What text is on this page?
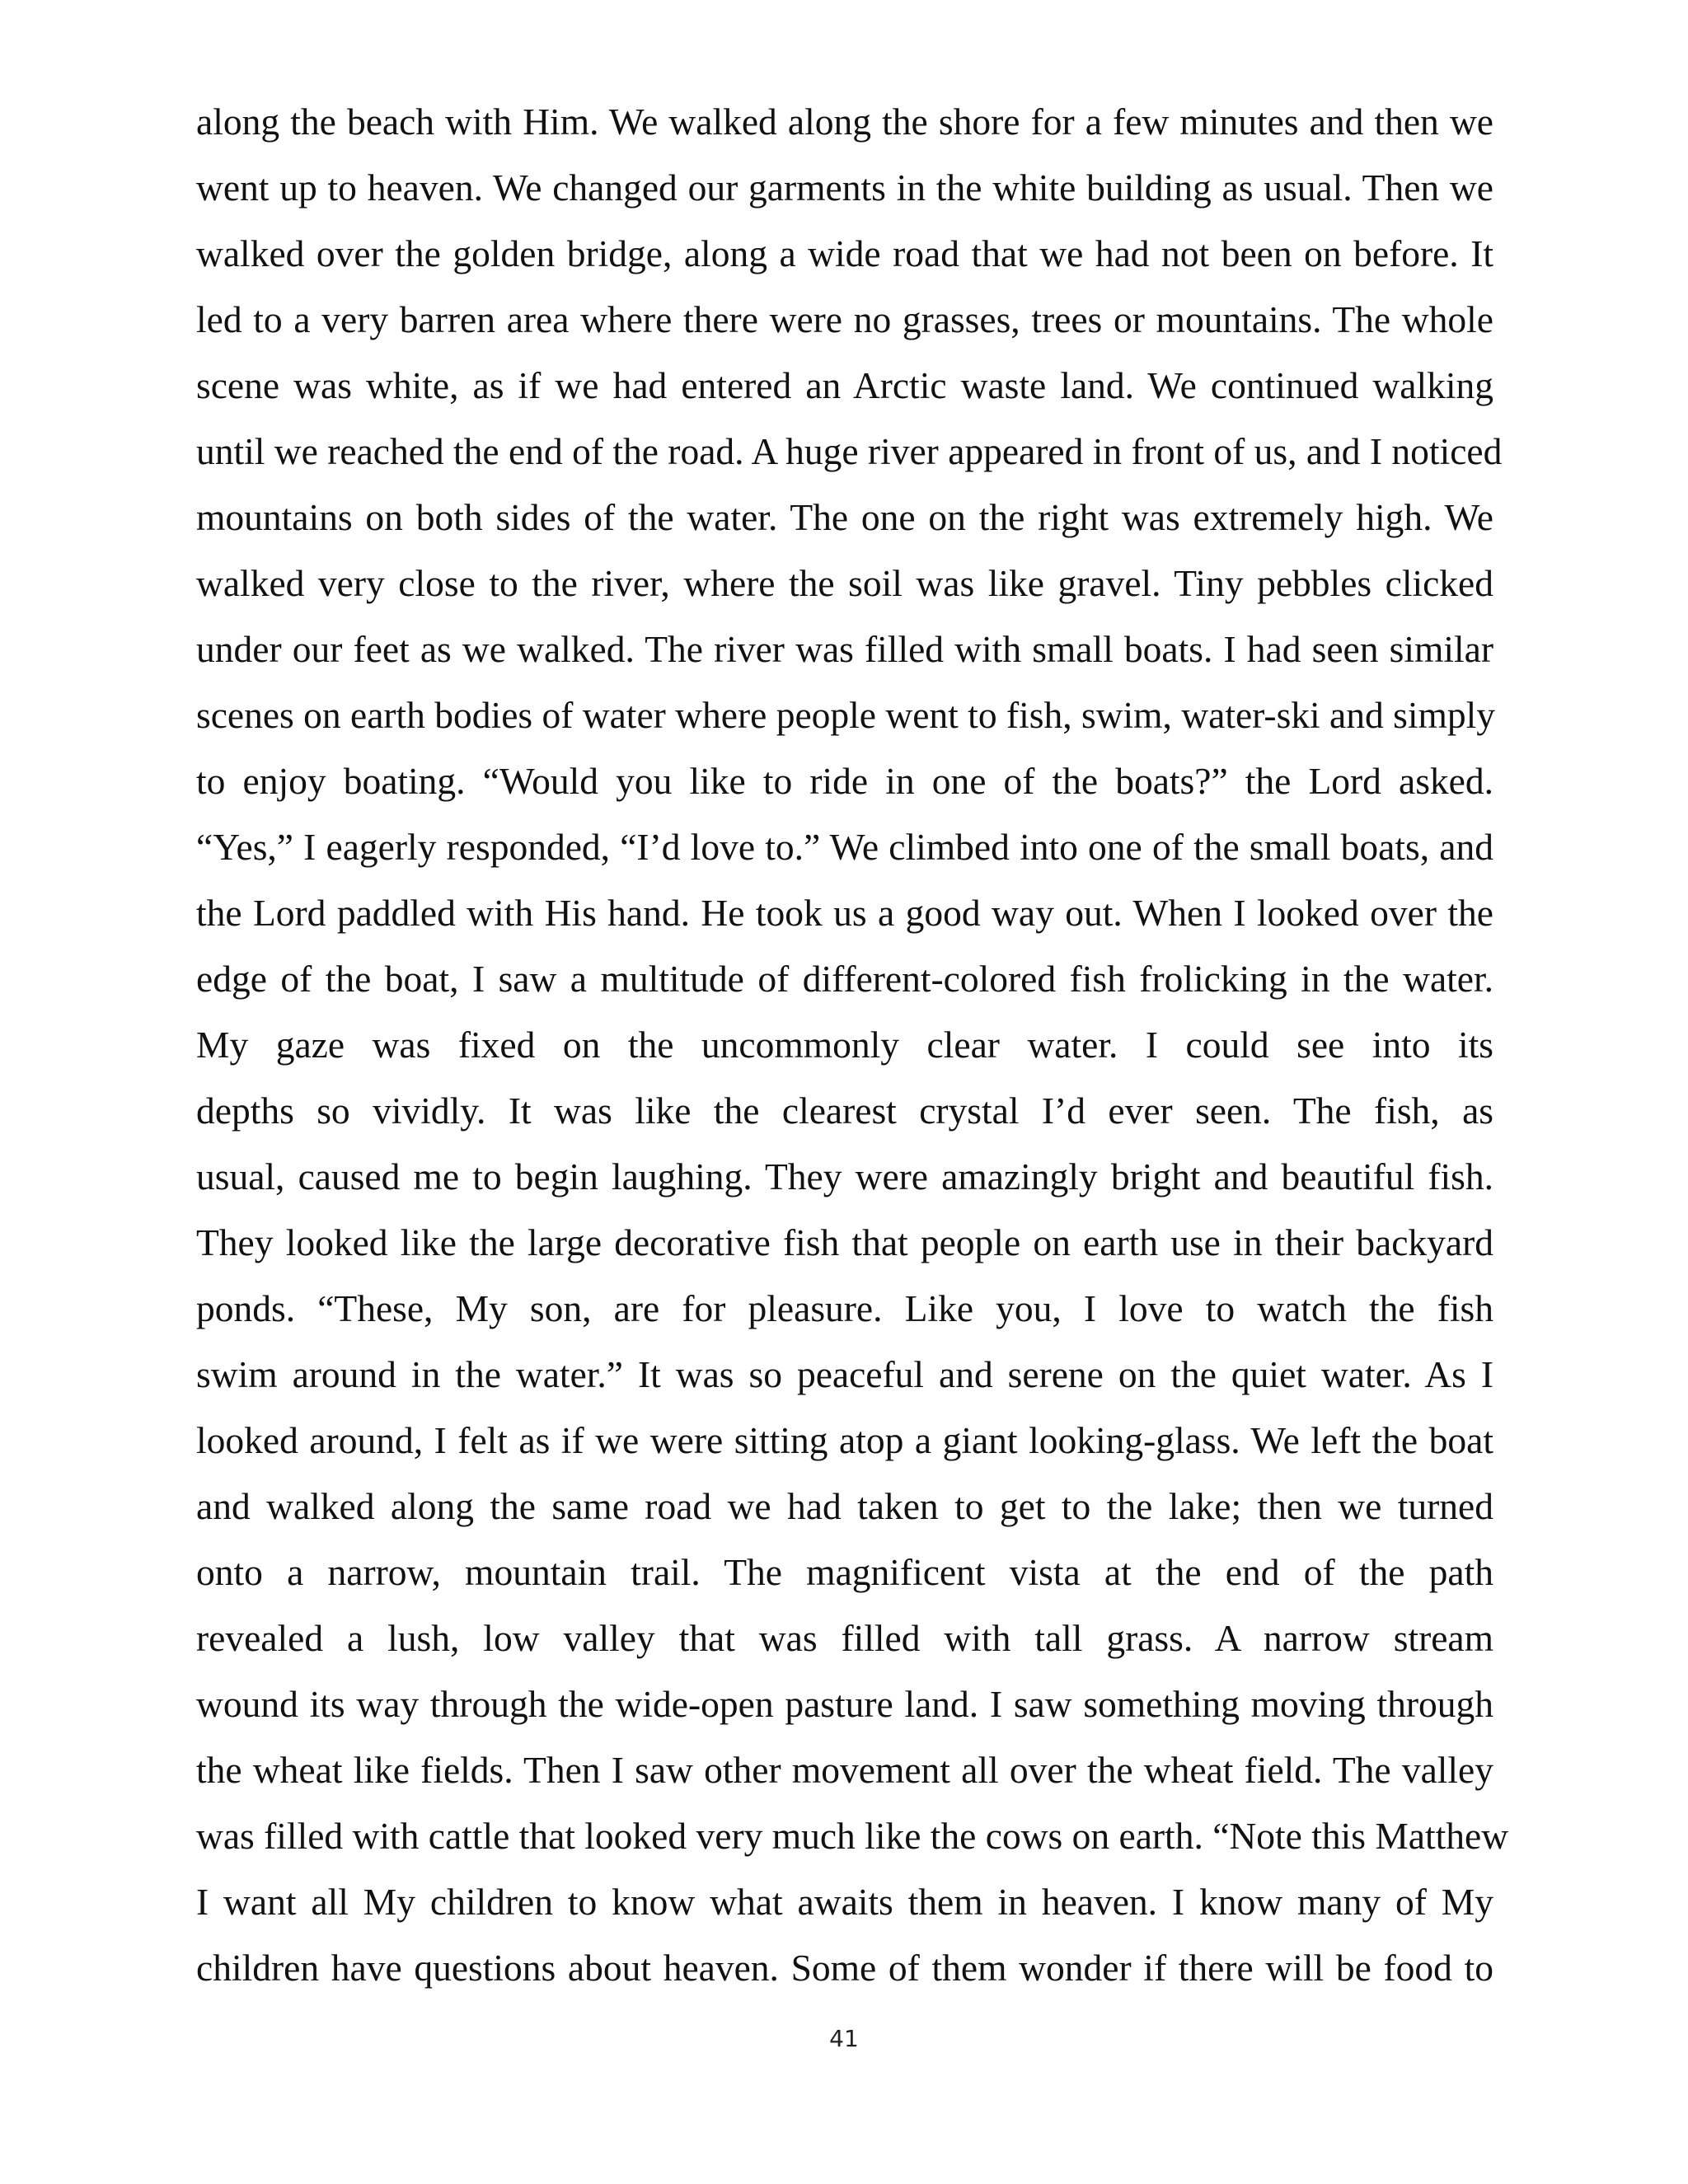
along the beach with Him. We walked along the shore for a few minutes and then we
went up to heaven. We changed our garments in the white building as usual. Then we
walked over the golden bridge, along a wide road that we had not been on before. It
led to a very barren area where there were no grasses, trees or mountains. The whole
scene was white, as if we had entered an Arctic waste land. We continued walking
until we reached the end of the road. A huge river appeared in front of us, and I noticed
mountains on both sides of the water. The one on the right was extremely high. We
walked very close to the river, where the soil was like gravel. Tiny pebbles clicked
under our feet as we walked. The river was filled with small boats. I had seen similar
scenes on earth bodies of water where people went to fish, swim, water-ski and simply
to enjoy boating. “Would you like to ride in one of the boats?” the Lord asked.
“Yes,” I eagerly responded, “I’d love to.” We climbed into one of the small boats, and
the Lord paddled with His hand. He took us a good way out. When I looked over the
edge of the boat, I saw a multitude of different-colored fish frolicking in the water.
My gaze was fixed on the uncommonly clear water. I could see into its
depths so vividly. It was like the clearest crystal I’d ever seen. The fish, as
usual, caused me to begin laughing. They were amazingly bright and beautiful fish.
They looked like the large decorative fish that people on earth use in their backyard
ponds. “These, My son, are for pleasure. Like you, I love to watch the fish
swim around in the water.” It was so peaceful and serene on the quiet water. As I
looked around, I felt as if we were sitting atop a giant looking-glass. We left the boat
and walked along the same road we had taken to get to the lake; then we turned
onto a narrow, mountain trail. The magnificent vista at the end of the path
revealed a lush, low valley that was filled with tall grass. A narrow stream
wound its way through the wide-open pasture land. I saw something moving through
the wheat like fields. Then I saw other movement all over the wheat field. The valley
was filled with cattle that looked very much like the cows on earth. “Note this Matthew
I want all My children to know what awaits them in heaven. I know many of My
children have questions about heaven. Some of them wonder if there will be food to
41
